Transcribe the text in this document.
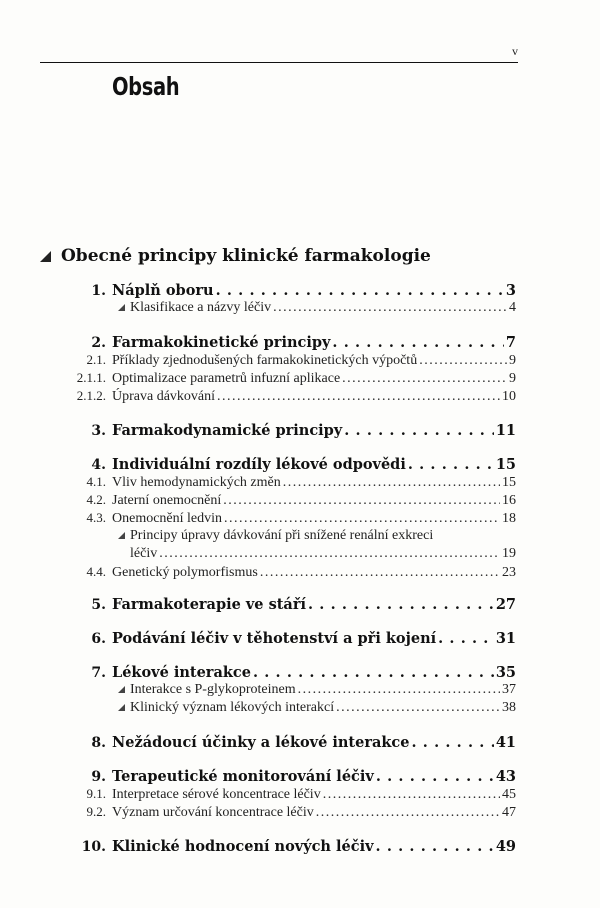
v
Obsah
Obecné principy klinické farmakologie
1. Náplň oboru . . .	3
Klasifikace a názvy léčiv . . .	4
2. Farmakokinetické principy . . .	7
2.1. Příklady zjednodušených farmakokinetických výpočtů . . .	9
2.1.1. Optimalizace parametrů infuzní aplikace . . .	9
2.1.2. Úprava dávkování . . .	10
3. Farmakodynamické principy . . .	11
4. Individuální rozdíly lékové odpovědi . . .	15
4.1. Vliv hemodynamických změn . . .	15
4.2. Jaterní onemocnění . . .	16
4.3. Onemocnění ledvin . . .	18
Principy úpravy dávkování při snížené renální exkreci
léčiv . . .	19
4.4. Genetický polymorfismus . . .	23
5. Farmakoterapie ve stáří . . .	27
6. Podávání léčiv v těhotenství a při kojení . . .	31
7. Lékové interakce . . .	35
Interakce s P-glykoproteinem . . .	37
Klinický význam lékových interakcí . . .	38
8. Nežádoucí účinky a lékové interakce . . .	41
9. Terapeutické monitorování léčiv . . .	43
9.1. Interpretace sérové koncentrace léčiv . . .	45
9.2. Význam určování koncentrace léčiv . . .	47
10. Klinické hodnocení nových léčiv . . .	49
